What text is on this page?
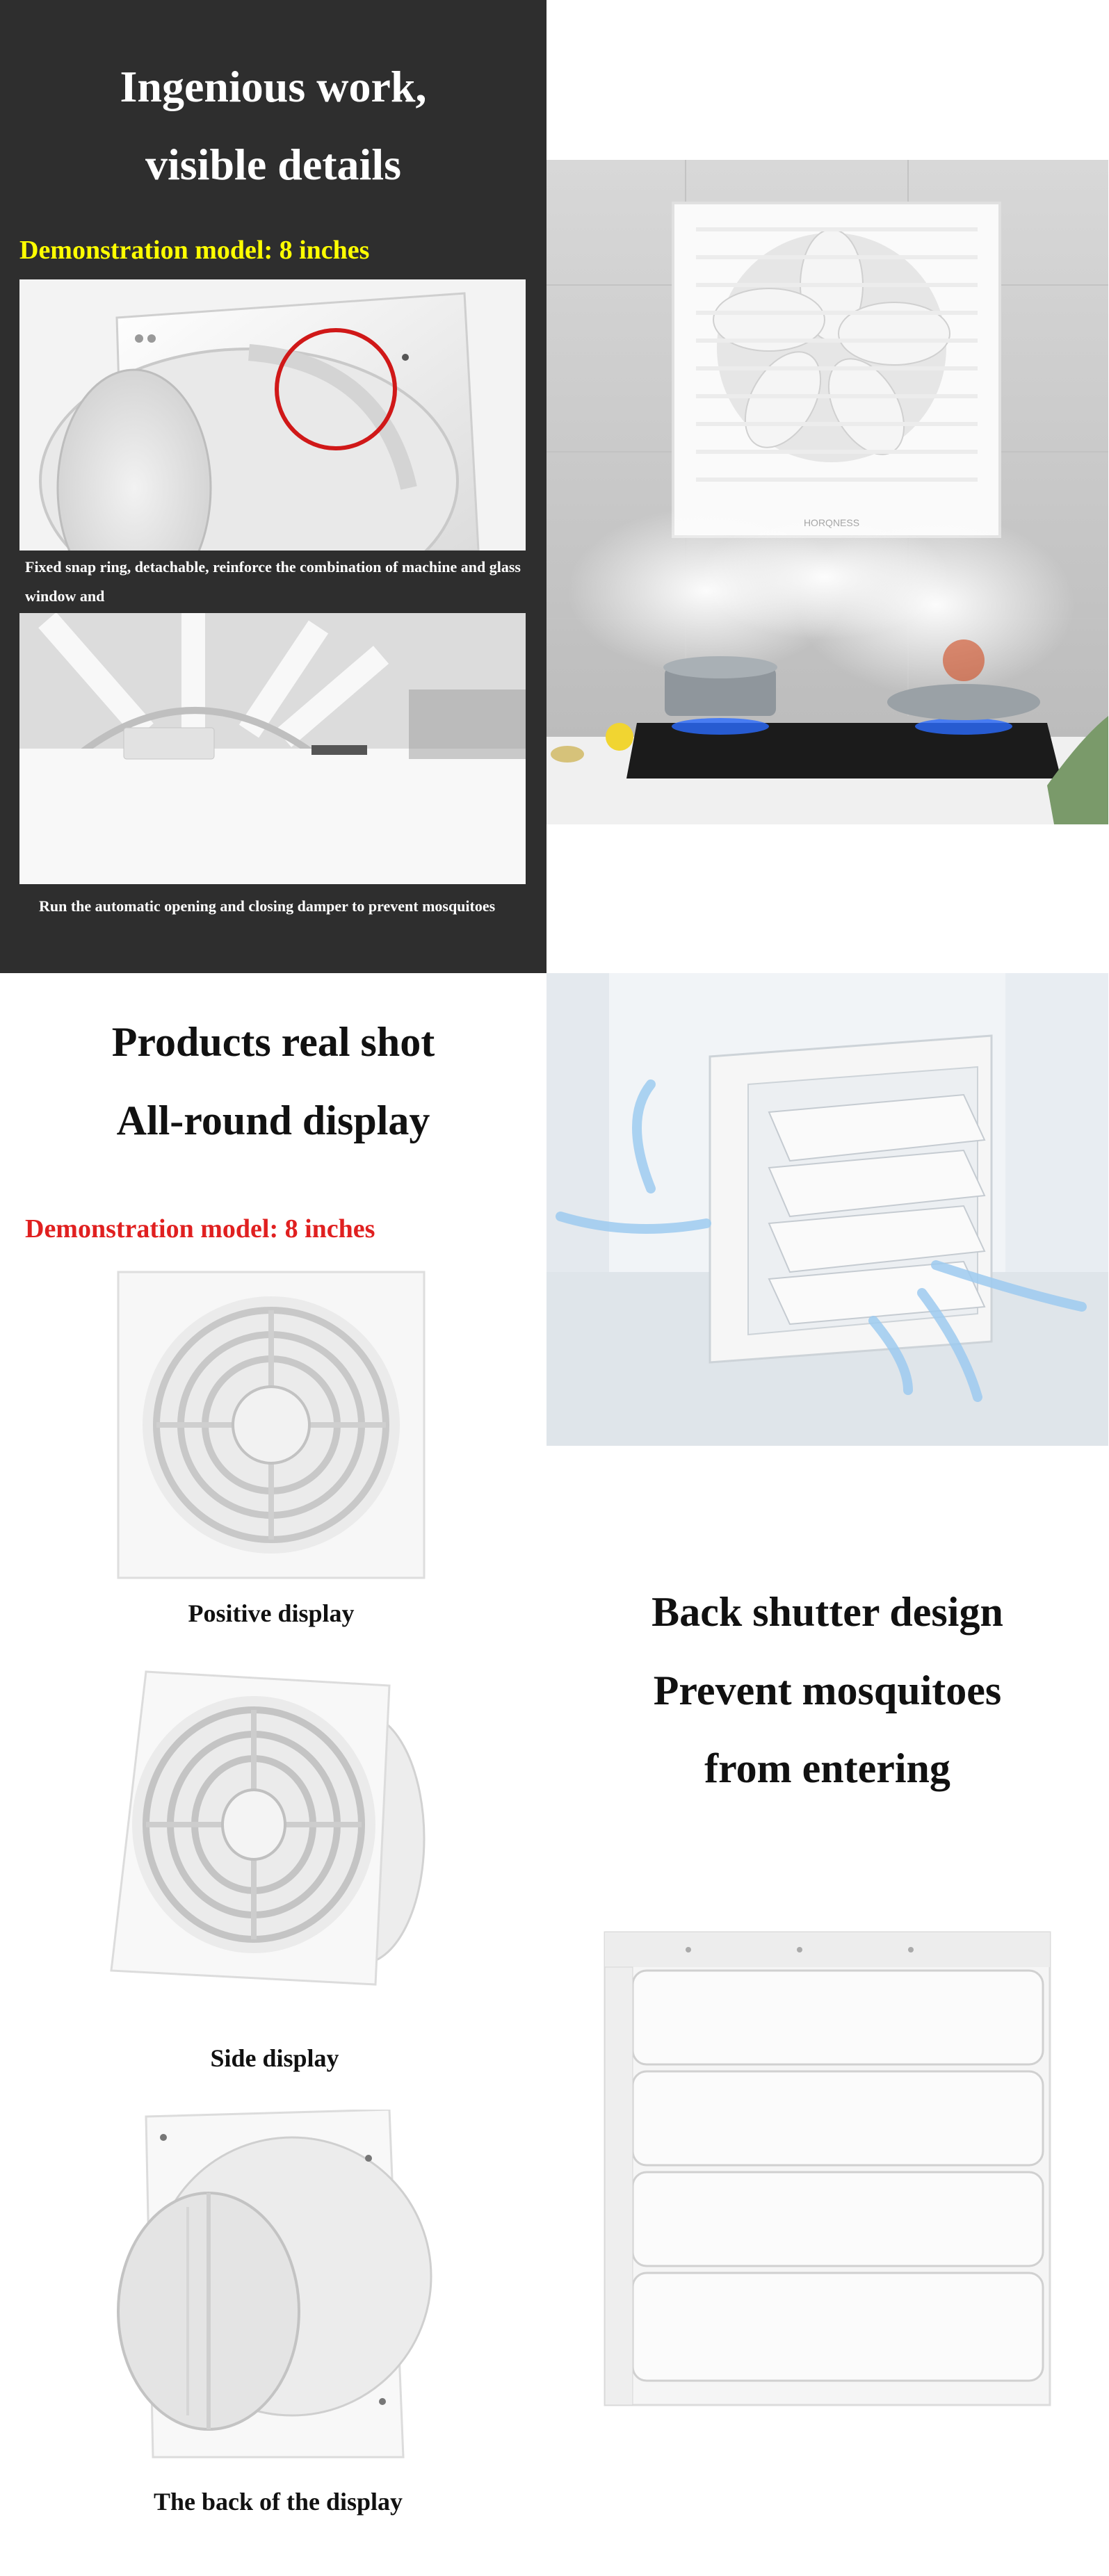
Ingenious work,
visible details
Demonstration model: 8 inches
Fixed snap ring, detachable, reinforce the combination of machine and glass window and
Run the automatic opening and closing damper to prevent mosquitoes
Products real shot
All-round display
Demonstration model: 8 inches
Positive display
Side display
The back of the display
Back shutter design
Prevent mosquitoes
from entering
